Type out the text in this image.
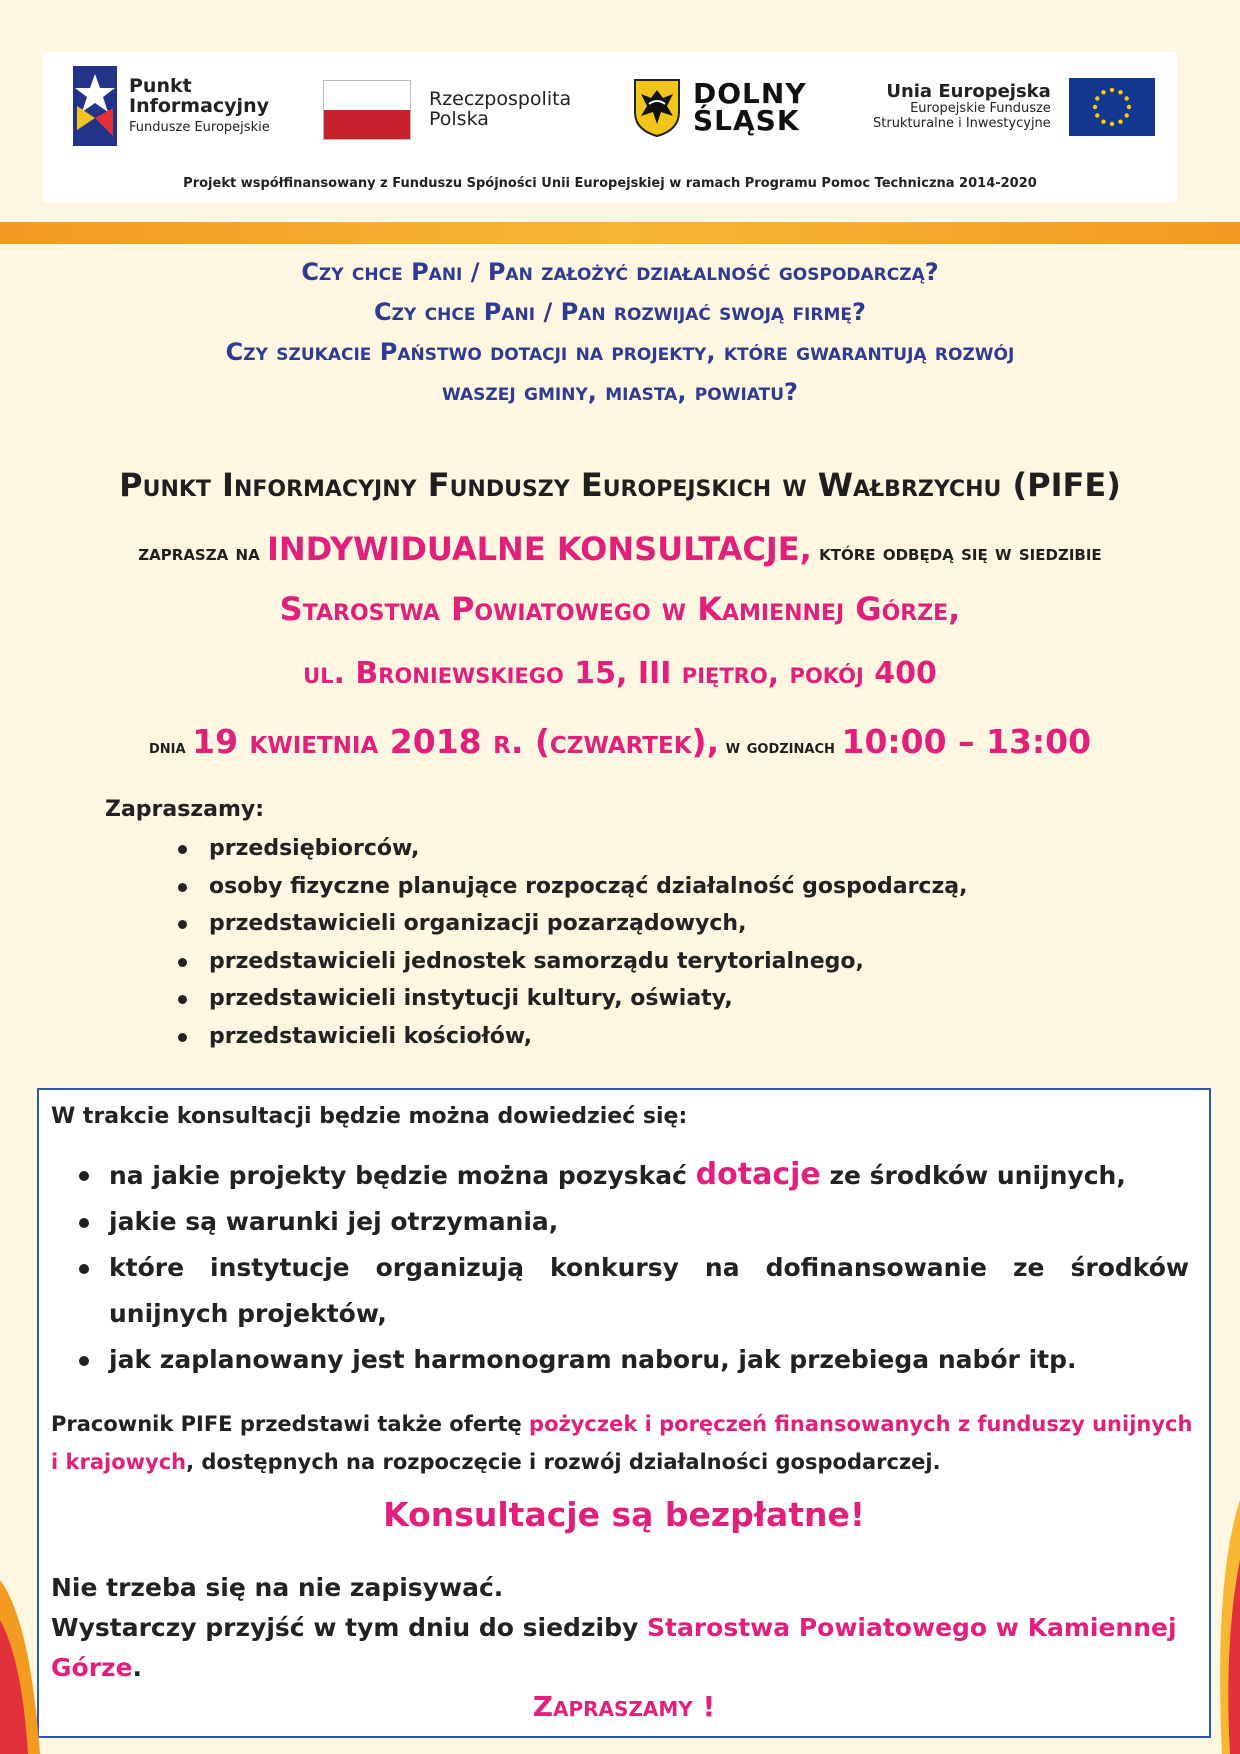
Punkt
Informacyjny
Fundusze Europejskie
Rzeczpospolita
Polska
DOLNY
ŚLĄSK
Unia Europejska
Europejskie Fundusze
Strukturalne i Inwestycyjne
Projekt współfinansowany z Funduszu Spójności Unii Europejskiej w ramach Programu Pomoc Techniczna 2014-2020
Czy chce Pani / Pan założyć działalność gospodarczą?
Czy chce Pani / Pan rozwijać swoją firmę?
Czy szukacie Państwo dotacji na projekty, które gwarantują rozwój
waszej gminy, miasta, powiatu?
Punkt Informacyjny Funduszy Europejskich w Wałbrzychu (PIFE)
zaprasza na INDYWIDUALNE KONSULTACJE, które odbędą się w siedzibie
Starostwa Powiatowego w Kamiennej Górze,
ul. Broniewskiego 15, III piętro, pokój 400
dnia 19 kwietnia 2018 r. (czwartek), w godzinach 10:00 – 13:00
Zapraszamy:
przedsiębiorców,
osoby fizyczne planujące rozpocząć działalność gospodarczą,
przedstawicieli organizacji pozarządowych,
przedstawicieli jednostek samorządu terytorialnego,
przedstawicieli instytucji kultury, oświaty,
przedstawicieli kościołów,
W trakcie konsultacji będzie można dowiedzieć się:
na jakie projekty będzie można pozyskać dotacje ze środków unijnych,
jakie są warunki jej otrzymania,
które instytucje organizują konkursy na dofinansowanie ze środków unijnych projektów,
jak zaplanowany jest harmonogram naboru, jak przebiega nabór itp.
Pracownik PIFE przedstawi także ofertę pożyczek i poręczeń finansowanych z funduszy unijnych i krajowych, dostępnych na rozpoczęcie i rozwój działalności gospodarczej.
Konsultacje są bezpłatne!
Nie trzeba się na nie zapisywać.
Wystarczy przyjść w tym dniu do siedziby Starostwa Powiatowego w Kamiennej Górze.
Zapraszamy !
